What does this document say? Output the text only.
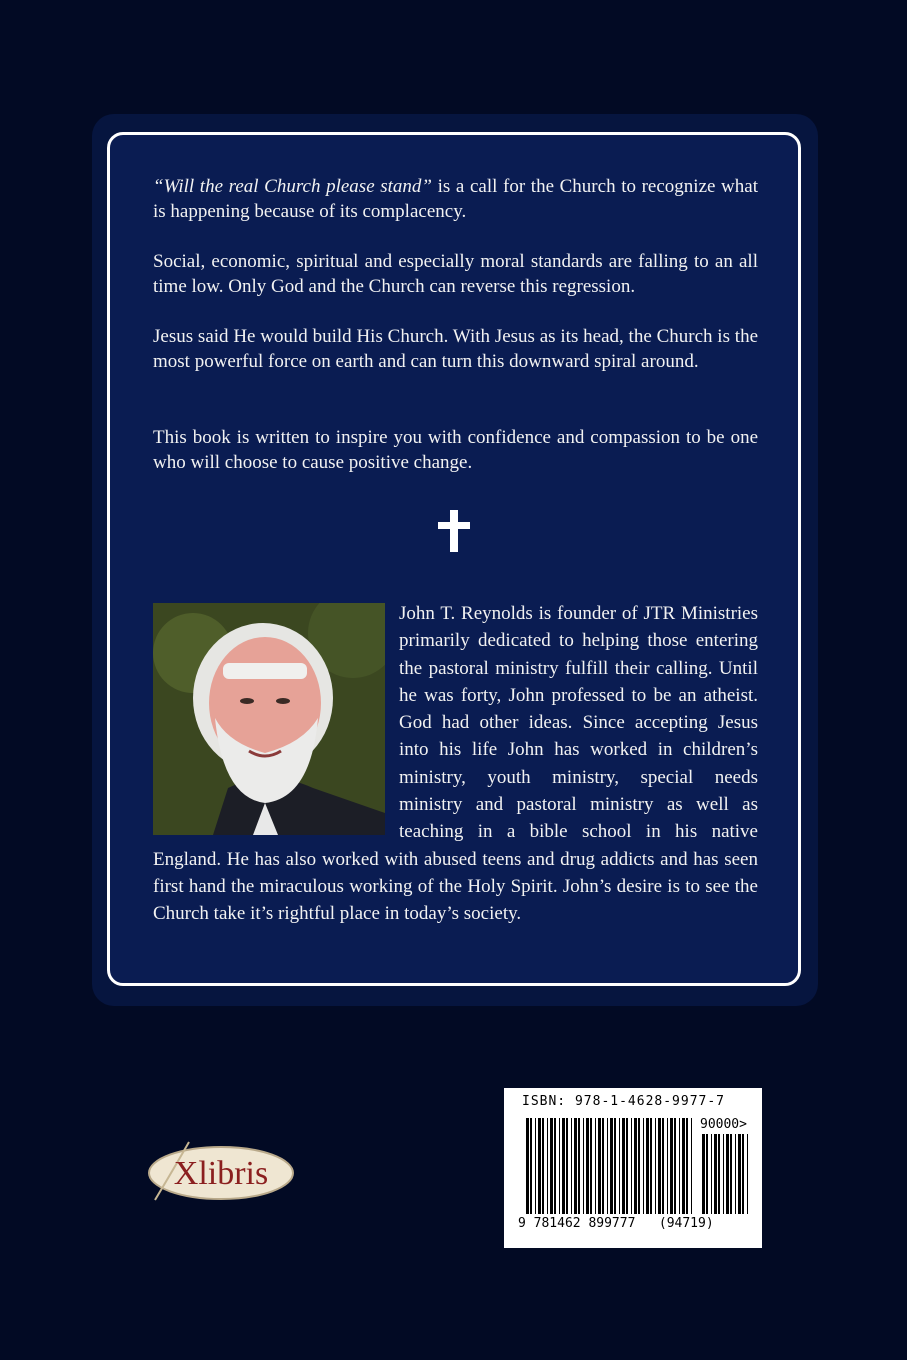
“Will the real Church please stand” is a call for the Church to recognize what is happening because of its complacency.
Social, economic, spiritual and especially moral standards are falling to an all time low. Only God and the Church can reverse this regression.
Jesus said He would build His Church. With Jesus as its head, the Church is the most powerful force on earth and can turn this downward spiral around.
This book is written to inspire you with confidence and compassion to be one who will choose to cause positive change.
John T. Reynolds is founder of JTR Ministries primarily dedicated to helping those entering the pastoral ministry fulfill their calling. Until he was forty, John professed to be an atheist. God had other ideas. Since accepting Jesus into his life John has worked in children’s ministry, youth ministry, special needs ministry and pastoral ministry as well as teaching in a bible school in his native England. He has also worked with abused teens and drug addicts and has seen first hand the miraculous working of the Holy Spirit. John’s desire is to see the Church take it’s rightful place in today’s society.
Xlibris
ISBN: 978-1-4628-9977-7
90000>
9 781462 899777   (94719)
